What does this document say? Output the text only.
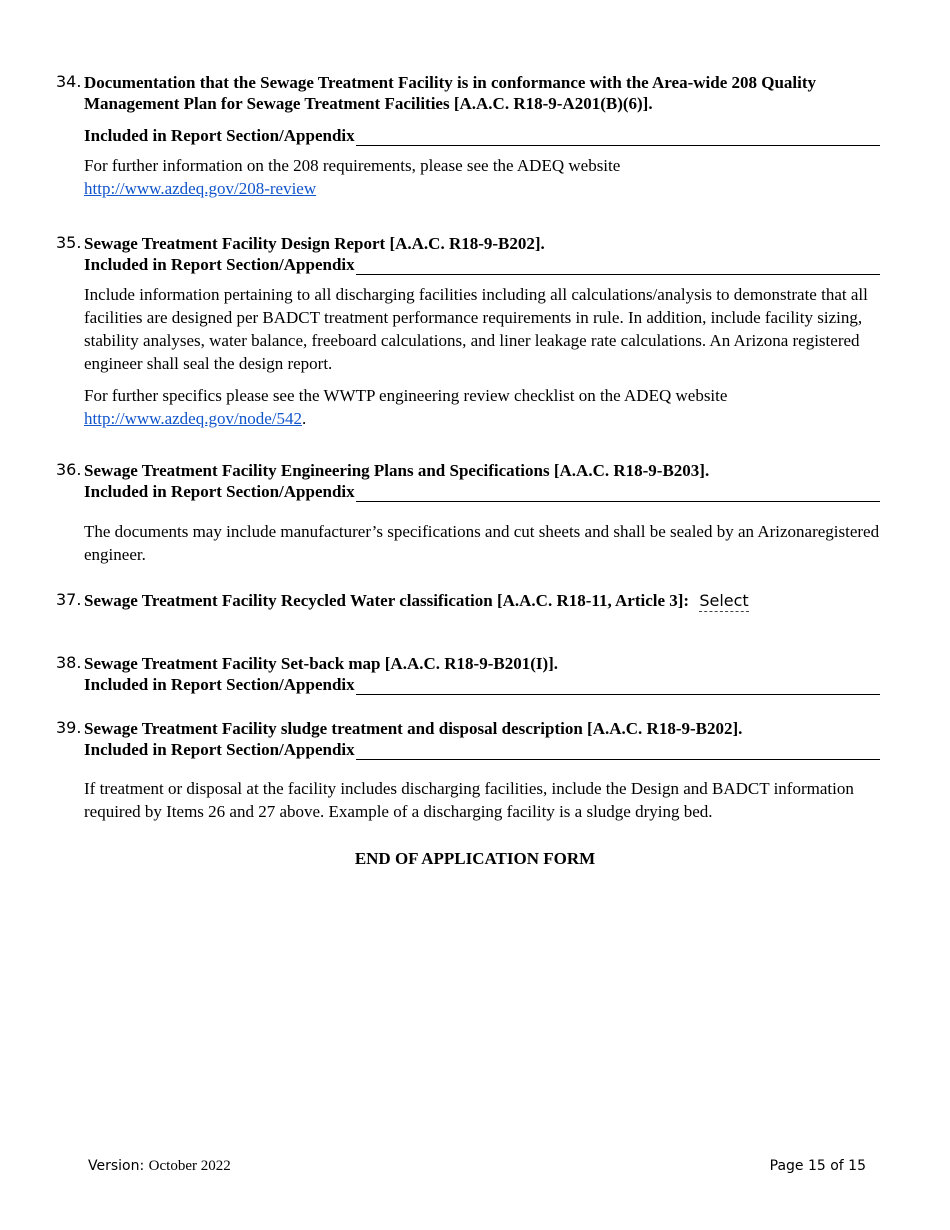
34. Documentation that the Sewage Treatment Facility is in conformance with the Area-wide 208 Quality Management Plan for Sewage Treatment Facilities [A.A.C. R18-9-A201(B)(6)].
Included in Report Section/Appendix

For further information on the 208 requirements, please see the ADEQ website
http://www.azdeq.gov/208-review

35. Sewage Treatment Facility Design Report [A.A.C. R18-9-B202].
Included in Report Section/Appendix

Include information pertaining to all discharging facilities including all calculations/analysis to demonstrate that all facilities are designed per BADCT treatment performance requirements in rule. In addition, include facility sizing, stability analyses, water balance, freeboard calculations, and liner leakage rate calculations. An Arizona registered engineer shall seal the design report.

For further specifics please see the WWTP engineering review checklist on the ADEQ website
http://www.azdeq.gov/node/542.

36. Sewage Treatment Facility Engineering Plans and Specifications [A.A.C. R18-9-B203].
Included in Report Section/Appendix

The documents may include manufacturer’s specifications and cut sheets and shall be sealed by an Arizonaregistered engineer.

37. Sewage Treatment Facility Recycled Water classification [A.A.C. R18-11, Article 3]: Select
38. Sewage Treatment Facility Set-back map [A.A.C. R18-9-B201(I)].
Included in Report Section/Appendix
39. Sewage Treatment Facility sludge treatment and disposal description [A.A.C. R18-9-B202].
Included in Report Section/Appendix

If treatment or disposal at the facility includes discharging facilities, include the Design and BADCT information required by Items 26 and 27 above. Example of a discharging facility is a sludge drying bed.

END OF APPLICATION FORM
Version: October 2022	Page 15 of 15
